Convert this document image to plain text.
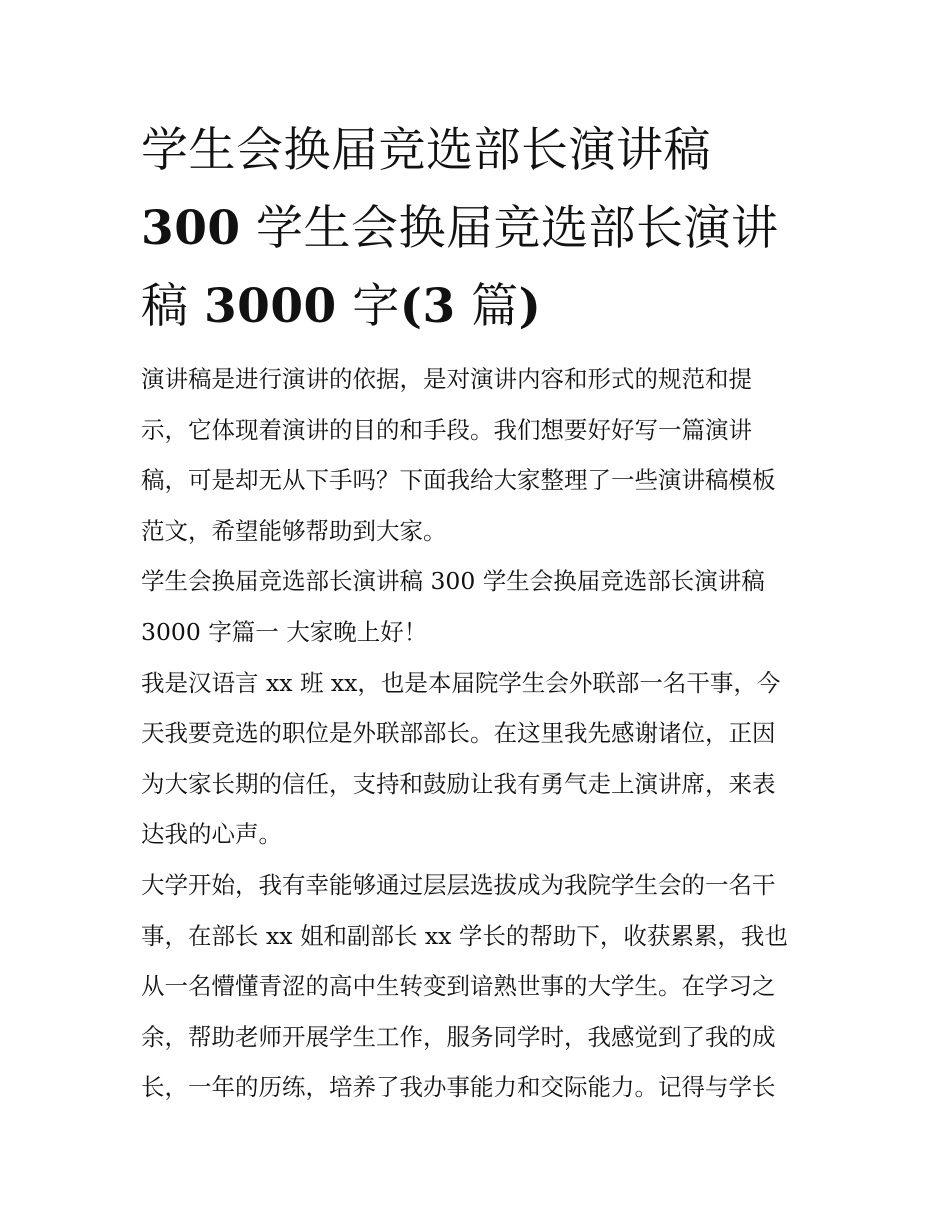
学生会换届竞选部长演讲稿
300 学生会换届竞选部长演讲
稿 3000 字(3 篇)

演讲稿是进行演讲的依据，是对演讲内容和形式的规范和提
示，它体现着演讲的目的和手段。我们想要好好写一篇演讲
稿，可是却无从下手吗？下面我给大家整理了一些演讲稿模板
范文，希望能够帮助到大家。

学生会换届竞选部长演讲稿 300 学生会换届竞选部长演讲稿
3000 字篇一 大家晚上好！

我是汉语言 xx 班 xx，也是本届院学生会外联部一名干事，今
天我要竞选的职位是外联部部长。在这里我先感谢诸位，正因
为大家长期的信任，支持和鼓励让我有勇气走上演讲席，来表
达我的心声。

大学开始，我有幸能够通过层层选拔成为我院学生会的一名干
事，在部长 xx 姐和副部长 xx 学长的帮助下，收获累累，我也
从一名懵懂青涩的高中生转变到谙熟世事的大学生。在学习之
余，帮助老师开展学生工作，服务同学时，我感觉到了我的成
长，一年的历练，培养了我办事能力和交际能力。记得与学长
